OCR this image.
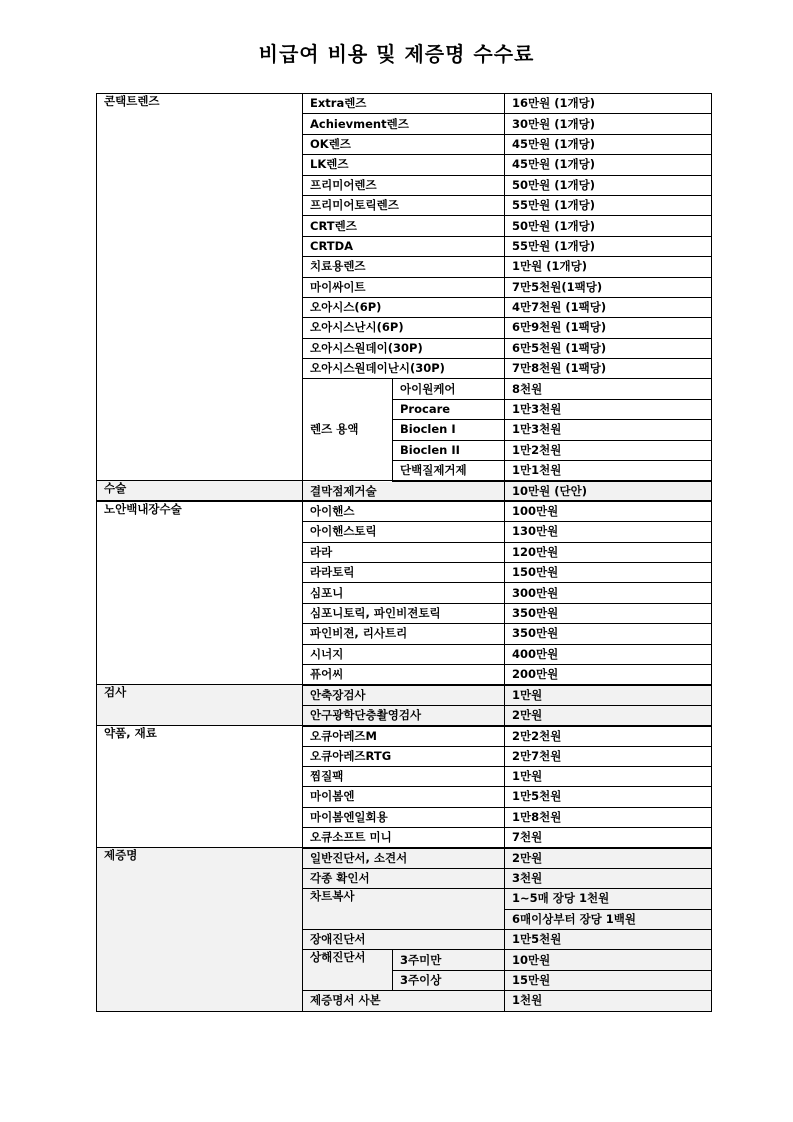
비급여 비용 및 제증명 수수료
콘택트렌즈	Extra렌즈		16만원 (1개당)
	Achievment렌즈		30만원 (1개당)
	OK렌즈		45만원 (1개당)
	LK렌즈		45만원 (1개당)
	프리미어렌즈		50만원 (1개당)
	프리미어토릭렌즈		55만원 (1개당)
	CRT렌즈		50만원 (1개당)
	CRTDA		55만원 (1개당)
	치료용렌즈		1만원 (1개당)
	마이싸이트		7만5천원(1팩당)
	오아시스(6P)		4만7천원 (1팩당)
	오아시스난시(6P)		6만9천원 (1팩당)
	오아시스원데이(30P)		6만5천원 (1팩당)
	오아시스원데이난시(30P)		7만8천원 (1팩당)
	렌즈 용액	아이원케어	8천원
		Procare	1만3천원
		Bioclen I	1만3천원
		Bioclen II	1만2천원
		단백질제거제	1만1천원
수술	결막점제거술		10만원 (단안)
노안백내장수술	아이핸스		100만원
	아이핸스토릭		130만원
	라라		120만원
	라라토릭		150만원
	심포니		300만원
	심포니토릭, 파인비젼토릭		350만원
	파인비젼, 리사트리		350만원
	시너지		400만원
	퓨어씨		200만원
검사	안축장검사		1만원
	안구광학단층촬영검사		2만원
약품, 재료	오큐아레즈M		2만2천원
	오큐아레즈RTG		2만7천원
	찜질팩		1만원
	마이봄엔		1만5천원
	마이봄엔일회용		1만8천원
	오큐소프트 미니		7천원
제증명	일반진단서, 소견서		2만원
	각종 확인서		3천원
	차트복사		1~5매 장당 1천원
			6매이상부터 장당 1백원
	장애진단서		1만5천원
	상해진단서	3주미만	10만원
		3주이상	15만원
	제증명서 사본		1천원
